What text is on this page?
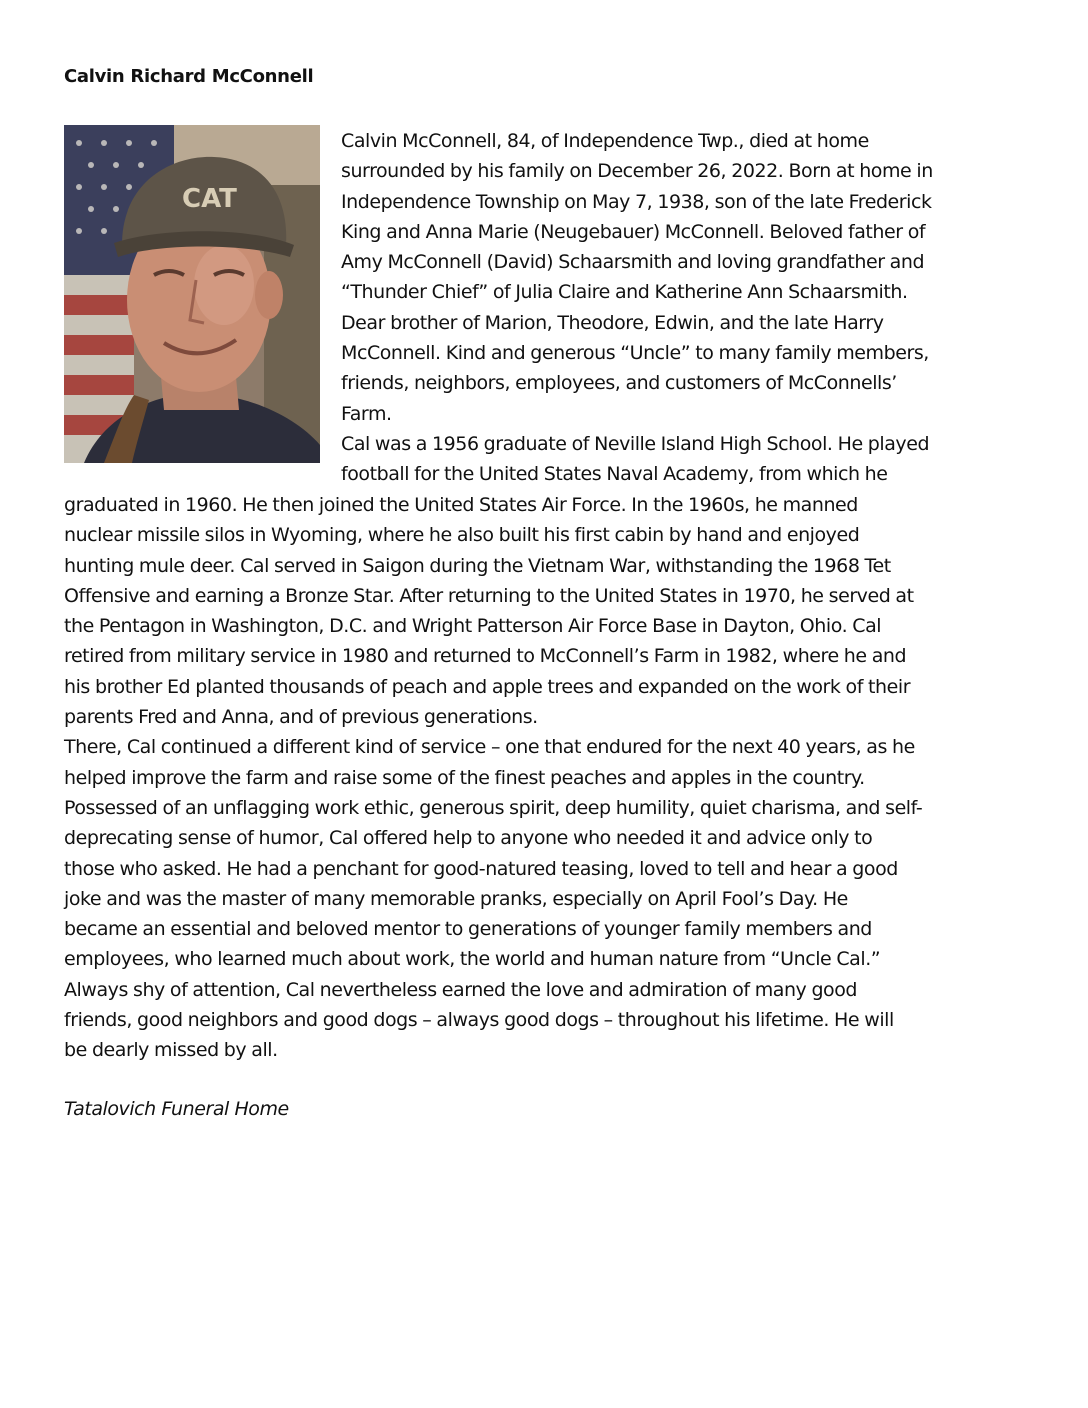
Calvin Richard McConnell
CAT
Calvin McConnell, 84, of Independence Twp., died at home
surrounded by his family on December 26, 2022. Born at home in
Independence Township on May 7, 1938, son of the late Frederick
King and Anna Marie (Neugebauer) McConnell. Beloved father of
Amy McConnell (David) Schaarsmith and loving grandfather and
“Thunder Chief” of Julia Claire and Katherine Ann Schaarsmith.
Dear brother of Marion, Theodore, Edwin, and the late Harry
McConnell. Kind and generous “Uncle” to many family members,
friends, neighbors, employees, and customers of McConnells’
Farm.
Cal was a 1956 graduate of Neville Island High School. He played
football for the United States Naval Academy, from which he
graduated in 1960. He then joined the United States Air Force. In the 1960s, he manned
nuclear missile silos in Wyoming, where he also built his first cabin by hand and enjoyed
hunting mule deer. Cal served in Saigon during the Vietnam War, withstanding the 1968 Tet
Offensive and earning a Bronze Star. After returning to the United States in 1970, he served at
the Pentagon in Washington, D.C. and Wright Patterson Air Force Base in Dayton, Ohio. Cal
retired from military service in 1980 and returned to McConnell’s Farm in 1982, where he and
his brother Ed planted thousands of peach and apple trees and expanded on the work of their
parents Fred and Anna, and of previous generations.
There, Cal continued a different kind of service – one that endured for the next 40 years, as he
helped improve the farm and raise some of the finest peaches and apples in the country.
Possessed of an unflagging work ethic, generous spirit, deep humility, quiet charisma, and self-
deprecating sense of humor, Cal offered help to anyone who needed it and advice only to
those who asked. He had a penchant for good-natured teasing, loved to tell and hear a good
joke and was the master of many memorable pranks, especially on April Fool’s Day. He
became an essential and beloved mentor to generations of younger family members and
employees, who learned much about work, the world and human nature from “Uncle Cal.”
Always shy of attention, Cal nevertheless earned the love and admiration of many good
friends, good neighbors and good dogs – always good dogs – throughout his lifetime. He will
be dearly missed by all.
Tatalovich Funeral Home
